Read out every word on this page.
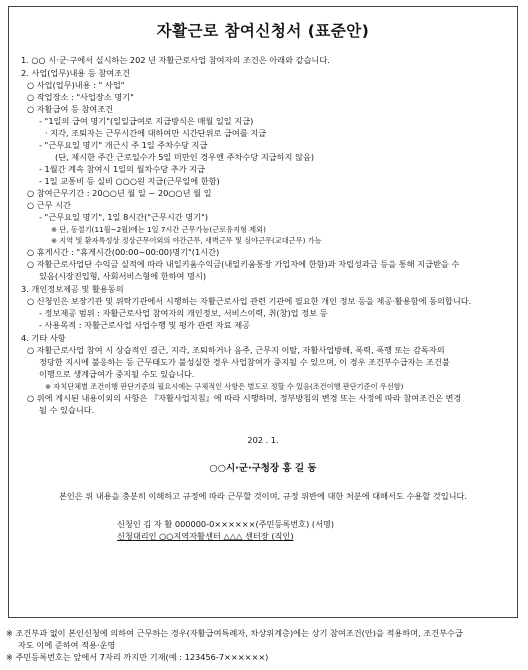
자활근로 참여신청서 (표준안)
1. ○○ 시·군·구에서 실시하는 202 년 자활근로사업 참여자의 조건은 아래와 같습니다.
2. 사업(업무)내용 등 참여조건
○ 사업(업무)내용 : " 사업"
○ 작업장소 : "사업장소 명기"
○ 자활급여 등 참여조건
- "1일의 급여 명기"(일일급여로 지급방식은 매월 일일 지급)
· 지각, 조퇴자는 근무시간에 대하여만 시간단위로 급여를 지급
- "근무요일 명기" 개근시 주 1일 주차수당 지급
(단, 제시한 주간 근로일수가 5일 미만인 경우엔 주차수당 지급하지 않음)
- 1월간 계속 참여시 1일의 월차수당 추가 지급
- 1일 교통비 등 실비 ○○○원 지급(근무일에 한함)
○ 참여근무기간 : 20○○년 월 일 ~ 20○○년 월 일
○ 근무 시간
- "근무요일 명기", 1일 8시간("근무시간 명기")
※ 단, 동절기(11월~2월)에는 1일 7시간 근무가능(근로유지형 제외)
※ 지역 및 환자특성상 정상근무이외의 야간근무, 새벽근무 및 심야근무(교대근무) 가능
○ 휴게시간 : "휴게시간(00:00~00:00)명기"(1시간)
○ 자활근로사업단 수익금 실적에 따라 내일키움수익금(내일키움통장 가입자에 한함)과 자립성과금 등을 통해 지급받을 수
있음(시장진입형, 사회서비스형에 한하여 명시)
3. 개인정보제공 및 활용동의
○ 신청인은 보장기관 및 위탁기관에서 시행하는 자활근로사업 관련 기관에 필요한 개인 정보 등을 제공·활용함에 동의합니다.
- 정보제공 범위 : 자활근로사업 참여자의 개인정보, 서비스이력, 취(창)업 정보 등
- 사용목적 : 자활근로사업 사업수행 및 평가 관련 자료 제공
4. 기타 사항
○ 자활근로사업 참여 시 상습적인 결근, 지각, 조퇴하거나 음주, 근무지 이탈, 자활사업방해, 폭력, 폭행 또는 감독자의
정당한 지시에 불응하는 등 근무태도가 불성실한 경우 사업참여가 중지될 수 있으며, 이 경우 조건부수급자는 조건불
이행으로 생계급여가 중지될 수도 있습니다.
※ 자치단체별 조건이행 판단기준의 필요시에는 구체적인 사항은 별도로 정할 수 있음(조건이행 판단기준이 우선함)
○ 위에 게시된 내용이외의 사항은 『자활사업지침』에 따라 시행하며, 정부방침의 변경 또는 사정에 따라 참여조건은 변경
될 수 있습니다.
202 . 1.
○○시·군·구청장 홍 길 동
본인은 위 내용을 충분히 이해하고 규정에 따라 근무할 것이며, 규정 위반에 대한 처분에 대해서도 수용할 것입니다.
신청인 김 자 활 000000-0××××××(주민등록번호) (서명)
신청대리인 ○○지역자활센터 △△△ 센터장 (직인)
※ 조건부과 없이 본인신청에 의하여 근무하는 경우(자활급여특례자, 차상위계층)에는 상기 참여조건(안)을 적용하며, 조건부수급
자도 이에 준하여 적용·운영
※ 주민등록번호는 앞에서 7자리 까지만 기재(예 : 123456-7××××××)
